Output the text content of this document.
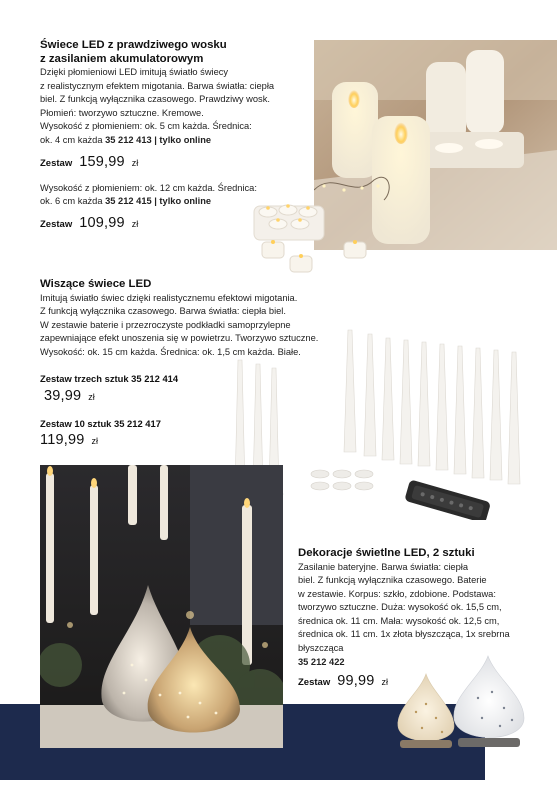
Świece LED z prawdziwego wosku

z zasilaniem akumulatorowym

Dzięki płomieniowi LED imitują światło świecy

z realistycznym efektem migotania. Barwa światła: ciepła

biel. Z funkcją wyłącznika czasowego. Prawdziwy wosk.

Płomień: tworzywo sztuczne. Kremowe.

Wysokość z płomieniem: ok. 5 cm każda. Średnica:

ok. 4 cm każda 35 212 413 | tylko online

Zestaw 159,99 zł

Wysokość z płomieniem: ok. 12 cm każda. Średnica:

ok. 6 cm każda 35 212 415 | tylko online

Zestaw 109,99 zł

Wiszące świece LED

Imitują światło świec dzięki realistycznemu efektowi migotania.

Z funkcją wyłącznika czasowego. Barwa światła: ciepła biel.

W zestawie baterie i przezroczyste podkładki samoprzylepne

zapewniające efekt unoszenia się w powietrzu. Tworzywo sztuczne.

Wysokość: ok. 15 cm każda. Średnica: ok. 1,5 cm każda. Białe.

Zestaw trzech sztuk 35 212 414
39,99 zł
Zestaw 10 sztuk 35 212 417
119,99 zł

Dekoracje świetlne LED, 2 sztuki

Zasilanie bateryjne. Barwa światła: ciepła

biel. Z funkcją wyłącznika czasowego. Baterie

w zestawie. Korpus: szkło, zdobione. Podstawa:

tworzywo sztuczne. Duża: wysokość ok. 15,5 cm,

średnica ok. 11 cm. Mała: wysokość ok. 12,5 cm,

średnica ok. 11 cm. 1x złota błyszcząca, 1x srebrna

błyszcząca

35 212 422

Zestaw 99,99 zł
